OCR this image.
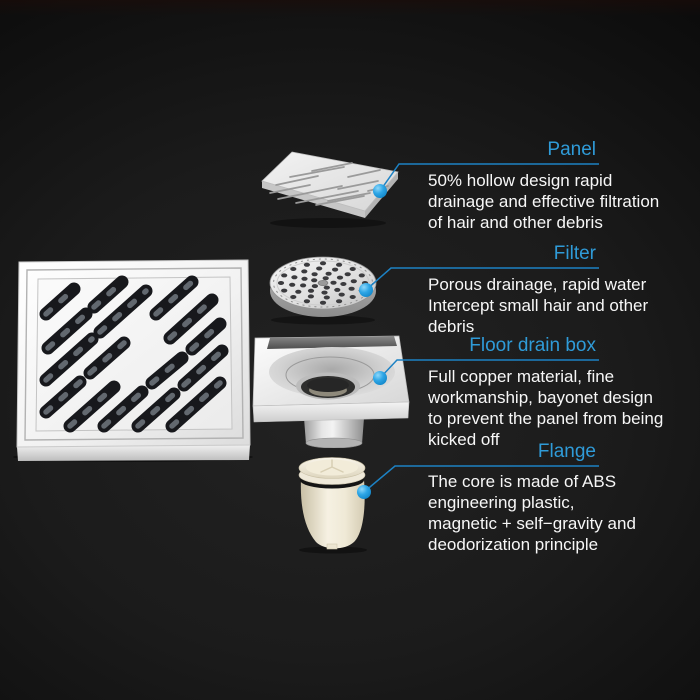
Panel
50% hollow design rapid
drainage and effective filtration
of hair and other debris
Filter
Porous drainage, rapid water
Intercept small hair and other
debris
Floor drain box
Full copper material, fine
workmanship, bayonet design
to prevent the panel from being
kicked off
Flange
The core is made of ABS
engineering plastic,
magnetic + self−gravity and
deodorization principle
